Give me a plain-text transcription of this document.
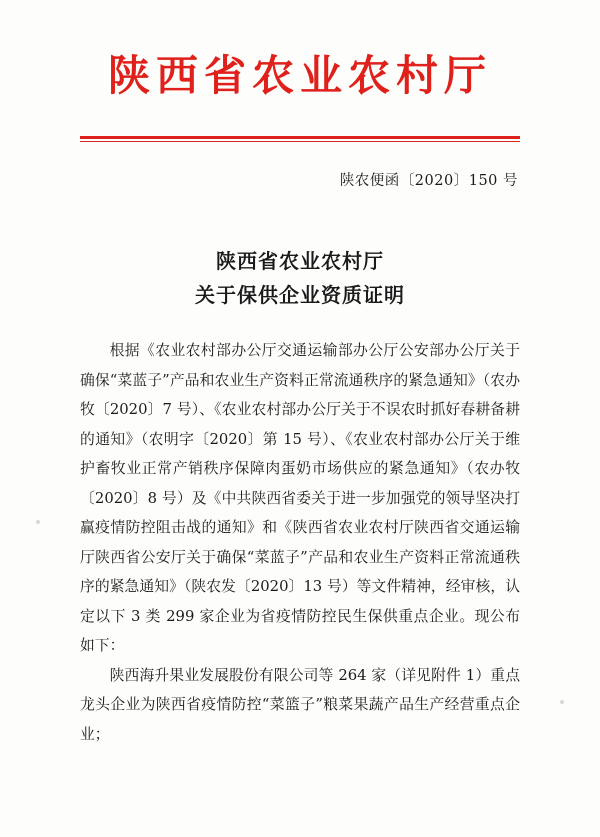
陕西省农业农村厅
陕农便函〔2020〕150 号
陕西省农业农村厅
关于保供企业资质证明

根据《农业农村部办公厅交通运输部办公厅公安部办公厅关于确保“菜蓝子”产品和农业生产资料正常流通秩序的紧急通知》（农办牧〔2020〕7 号）、《农业农村部办公厅关于不误农时抓好春耕备耕的通知》（农明字〔2020〕第 15 号）、《农业农村部办公厅关于维护畜牧业正常产销秩序保障肉蛋奶市场供应的紧急通知》（农办牧〔2020〕8 号）及《中共陕西省委关于进一步加强党的领导坚决打赢疫情防控阻击战的通知》和《陕西省农业农村厅陕西省交通运输厅陕西省公安厅关于确保“菜蓝子”产品和农业生产资料正常流通秩序的紧急通知》（陕农发〔2020〕13 号）等文件精神，经审核，认定以下 3 类 299 家企业为省疫情防控民生保供重点企业。现公布如下：

陕西海升果业发展股份有限公司等 264 家（详见附件 1）重点龙头企业为陕西省疫情防控“菜篮子”粮菜果蔬产品生产经营重点企业；
